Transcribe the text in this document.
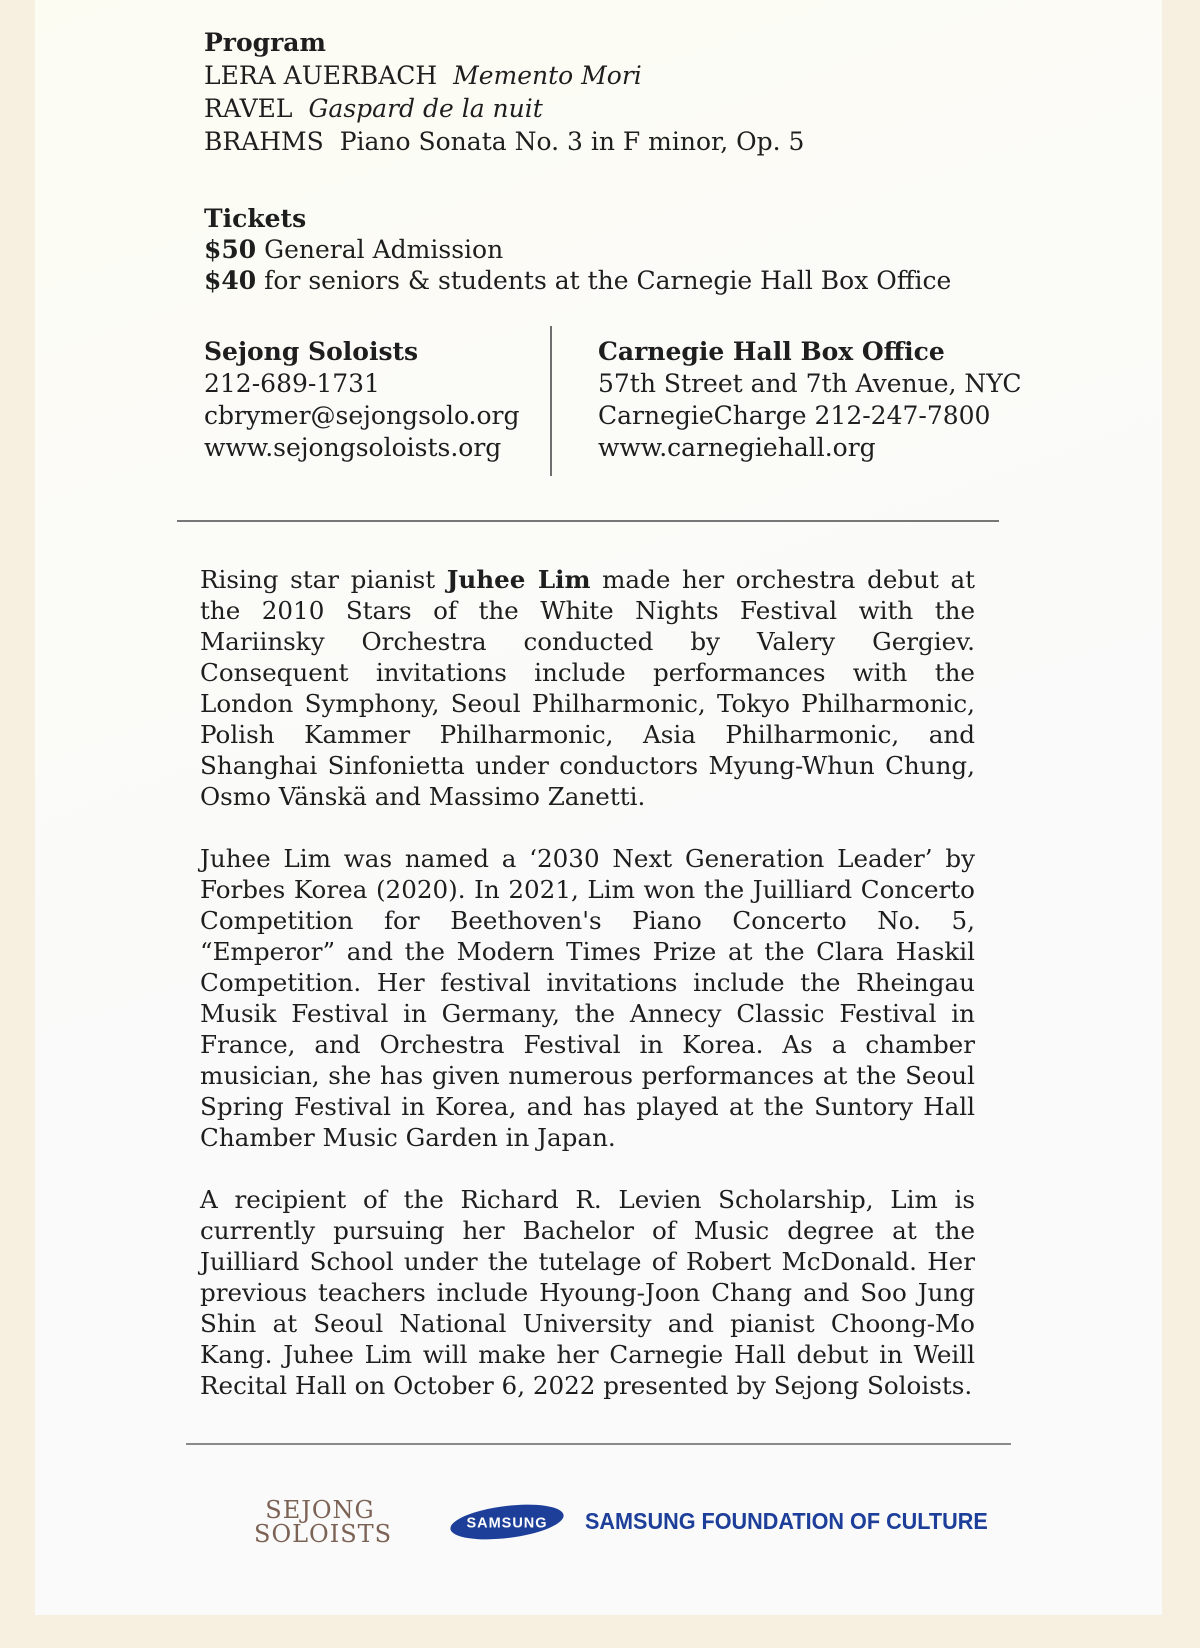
Program
LERA AUERBACH Memento Mori
RAVEL Gaspard de la nuit
BRAHMS Piano Sonata No. 3 in F minor, Op. 5
Tickets
$50 General Admission
$40 for seniors & students at the Carnegie Hall Box Office
Sejong Soloists
212-689-1731
cbrymer@sejongsolo.org
www.sejongsoloists.org
Carnegie Hall Box Office
57th Street and 7th Avenue, NYC
CarnegieCharge 212-247-7800
www.carnegiehall.org

Rising star pianist Juhee Lim made her orchestra debut at the 2010 Stars of the White Nights Festival with the Mariinsky Orchestra conducted by Valery Gergiev. Consequent invitations include performances with the London Symphony, Seoul Philharmonic, Tokyo Philharmonic, Polish Kammer Philharmonic, Asia Philharmonic, and Shanghai Sinfonietta under conductors Myung-Whun Chung, Osmo Vänskä and Massimo Zanetti.

Juhee Lim was named a ‘2030 Next Generation Leader’ by Forbes Korea (2020). In 2021, Lim won the Juilliard Concerto Competition for Beethoven's Piano Concerto No. 5, “Emperor” and the Modern Times Prize at the Clara Haskil Competition. Her festival invitations include the Rheingau Musik Festival in Germany, the Annecy Classic Festival in France, and Orchestra Festival in Korea. As a chamber musician, she has given numerous performances at the Seoul Spring Festival in Korea, and has played at the Suntory Hall Chamber Music Garden in Japan.

A recipient of the Richard R. Levien Scholarship, Lim is currently pursuing her Bachelor of Music degree at the Juilliard School under the tutelage of Robert McDonald. Her previous teachers include Hyoung-Joon Chang and Soo Jung Shin at Seoul National University and pianist Choong-Mo Kang. Juhee Lim will make her Carnegie Hall debut in Weill Recital Hall on October 6, 2022 presented by Sejong Soloists.

SEJONG
SOLOISTS	SAMSUNG SAMSUNG FOUNDATION OF CULTURE
